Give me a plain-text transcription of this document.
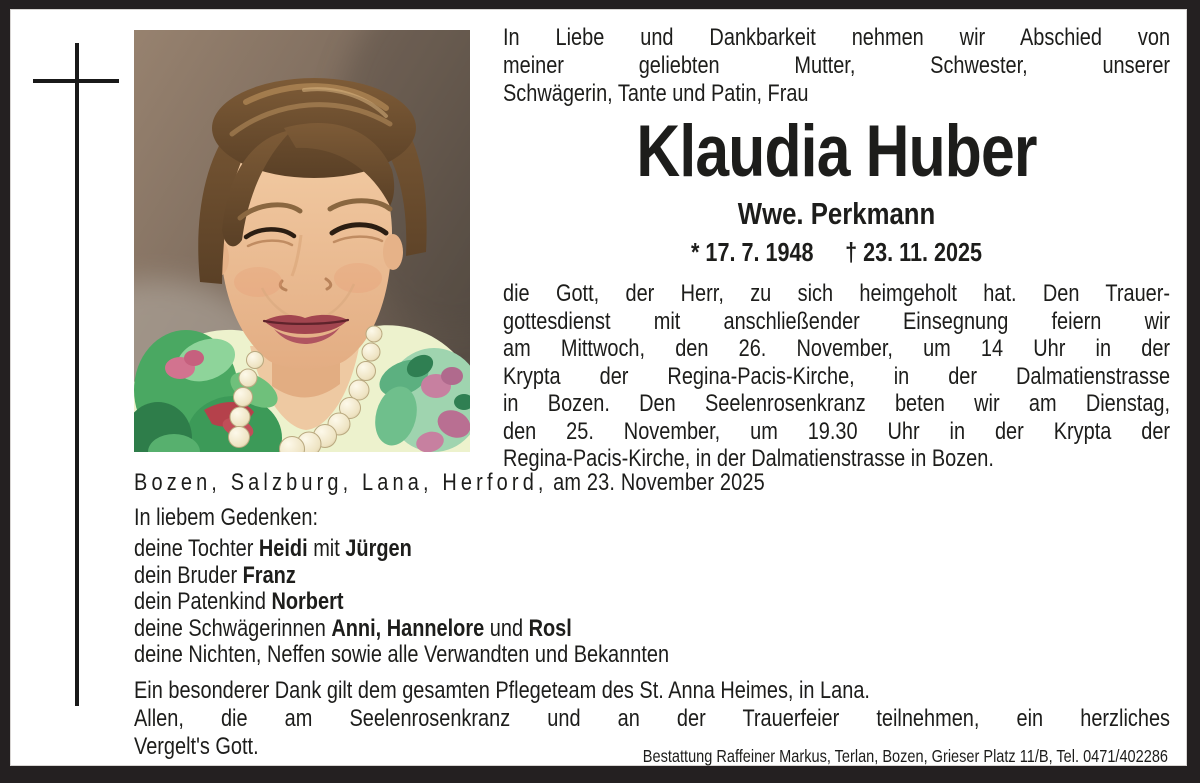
In Liebe und Dankbarkeit nehmen wir Abschied von
meiner geliebten Mutter, Schwester, unserer
Schwägerin, Tante und Patin, Frau
Klaudia Huber
Wwe. Perkmann
* 17. 7. 1948 † 23. 11. 2025
die Gott, der Herr, zu sich heimgeholt hat. Den Trauer-
gottesdienst mit anschließender Einsegnung feiern wir
am Mittwoch, den 26. November, um 14 Uhr in der
Krypta der Regina-Pacis-Kirche, in der Dalmatienstrasse
in Bozen. Den Seelenrosenkranz beten wir am Dienstag,
den 25. November, um 19.30 Uhr in der Krypta der
Regina-Pacis-Kirche, in der Dalmatienstrasse in Bozen.
Bozen, Salzburg, Lana, Herford, am 23. November 2025
In liebem Gedenken:
deine Tochter Heidi mit Jürgen
dein Bruder Franz
dein Patenkind Norbert
deine Schwägerinnen Anni, Hannelore und Rosl
deine Nichten, Neffen sowie alle Verwandten und Bekannten
Ein besonderer Dank gilt dem gesamten Pflegeteam des St. Anna Heimes, in Lana.
Allen, die am Seelenrosenkranz und an der Trauerfeier teilnehmen, ein herzliches
Vergelt's Gott.	Bestattung Raffeiner Markus, Terlan, Bozen, Grieser Platz 11/B, Tel. 0471/402286
